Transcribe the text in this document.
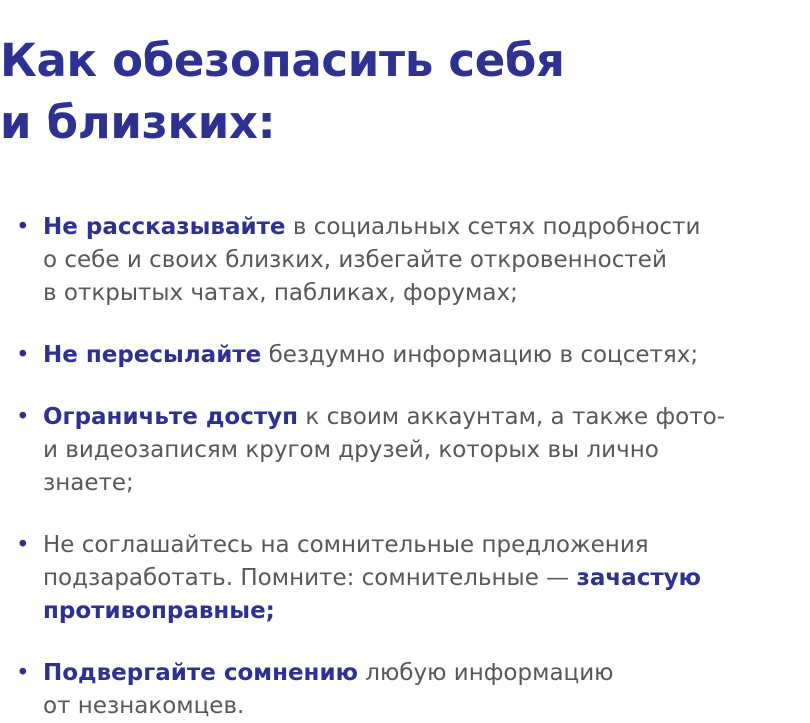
Как обезопасить себя
и близких:
• Не рассказывайте в социальных сетях подробности
о себе и своих близких, избегайте откровенностей
в открытых чатах, пабликах, форумах;
• Не пересылайте бездумно информацию в соцсетях;
• Ограничьте доступ к своим аккаунтам, а также фото-
и видеозаписям кругом друзей, которых вы лично
знаете;
• Не соглашайтесь на сомнительные предложения
подзаработать. Помните: сомнительные — зачастую
противоправные;
• Подвергайте сомнению любую информацию
от незнакомцев.
